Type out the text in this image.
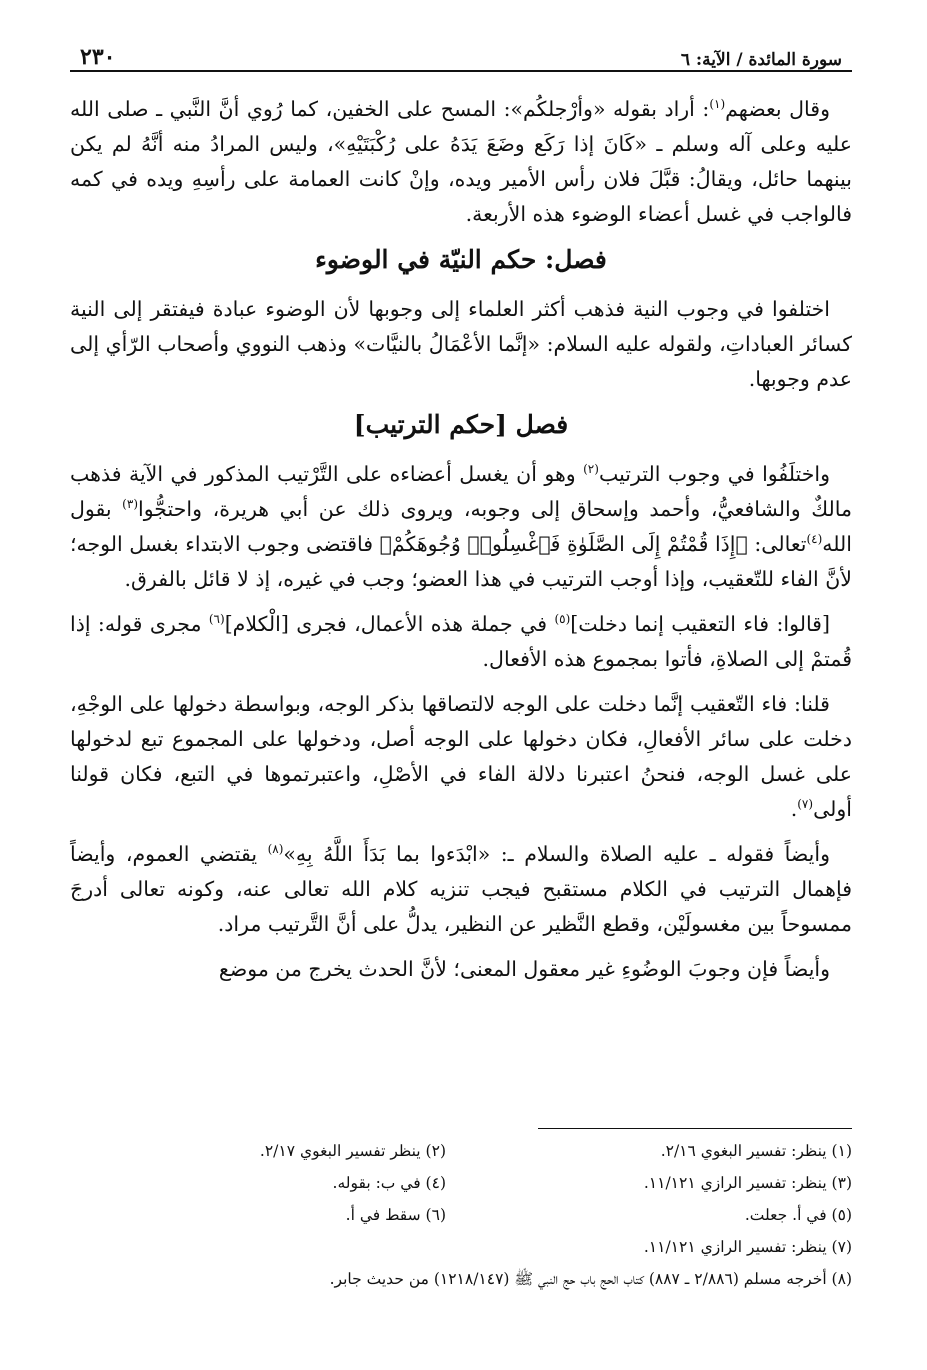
سورة المائدة / الآية: ٦
٢٣٠

وقال بعضهم$^{(١)}$: أراد بقوله «وأرْجلكُم»: المسح على الخفين، كما رُوي أنَّ النَّبي ـ صلى الله عليه وعلى آله وسلم ـ «كَانَ إذا رَكَع وضَعَ يَدَهُ على رُكْبَتَيْهِ»، وليس المرادُ منه أنَّهُ لم يكن بينهما حائل، ويقالُ: قبَّلَ فلان رأس الأمير ويده، وإنْ كانت العمامة على رأسِهِ ويده في كمه فالواجب في غسل أعضاء الوضوء هذه الأربعة.

فصل: حكم النيّة في الوضوء

اختلفوا في وجوب النية فذهب أكثر العلماء إلى وجوبها لأن الوضوء عبادة فيفتقر إلى النية كسائر العباداتِ، ولقوله عليه السلام: «إنَّما الأعْمَالُ بالنيَّات» وذهب النووي وأصحاب الرّأي إلى عدم وجوبها.

فصل [حكم الترتيب]

واختلَفُوا في وجوب الترتيب$^{(٢)}$ وهو أن يغسل أعضاءه على التَّرْتيب المذكور في الآية فذهب مالكٌ والشافعيُّ، وأحمد وإسحاق إلى وجوبه، ويروى ذلك عن أبي هريرة، واحتجُّوا$^{(٣)}$ بقول الله$^{(٤)}$تعالى: ﴿إِذَا قُمْتُمْ إِلَى الصَّلَوٰةِ فَٱغْسِلُوا۟ وُجُوهَكُمْ﴾ فاقتضى وجوب الابتداء بغسل الوجه؛ لأنَّ الفاء للتّعقيب، وإذا أوجب الترتيب في هذا العضو؛ وجب في غيره، إذ لا قائل بالفرق.

[قالوا: فاء التعقيب إنما دخلت]$^{(٥)}$ في جملة هذه الأعمال، فجرى [الْكلام]$^{(٦)}$ مجرى قوله: إذا قُمتمْ إلى الصلاةِ، فأتوا بمجموع هذه الأفعال.

قلنا: فاء التّعقيب إنَّما دخلت على الوجه لالتصاقها بذكر الوجه، وبواسطة دخولها على الوجْهِ، دخلت على سائر الأفعالِ، فكان دخولها على الوجه أصل، ودخولها على المجموع تبع لدخولها على غسل الوجه، فنحنُ اعتبرنا دلالة الفاء في الأصْلِ، واعتبرتموها في التبع، فكان قولنا أولى$^{(٧)}$.

وأيضاً فقوله ـ عليه الصلاة والسلام ـ: «ابْدَءوا بما بَدَأَ اللَّهُ بِهِ»$^{(٨)}$ يقتضي العموم، وأيضاً فإهمال الترتيب في الكلام مستقبح فيجب تنزيه كلام الله تعالى عنه، وكونه تعالى أدرجَ ممسوحاً بين مغسولَيْن، وقطع النَّظير عن النظير، يدلُّ على أنَّ التَّرتيب مراد.

وأيضاً فإن وجوبَ الوضُوءِ غير معقول المعنى؛ لأنَّ الحدث يخرج من موضع

(١) ينظر: تفسير البغوي ٢/١٦.
(٢) ينظر تفسير البغوي ٢/١٧.
(٣) ينظر: تفسير الرازي ١١/١٢١.
(٤) في ب: بقوله.
(٥) في أ. جعلت.
(٦) سقط في أ.
(٧) ينظر: تفسير الرازي ١١/١٢١.
(٨) أخرجه مسلم (٢/٨٨٦ ـ ٨٨٧) كتاب الحج باب حج النبي ﷺ (١٢١٨/١٤٧) من حديث جابر.
